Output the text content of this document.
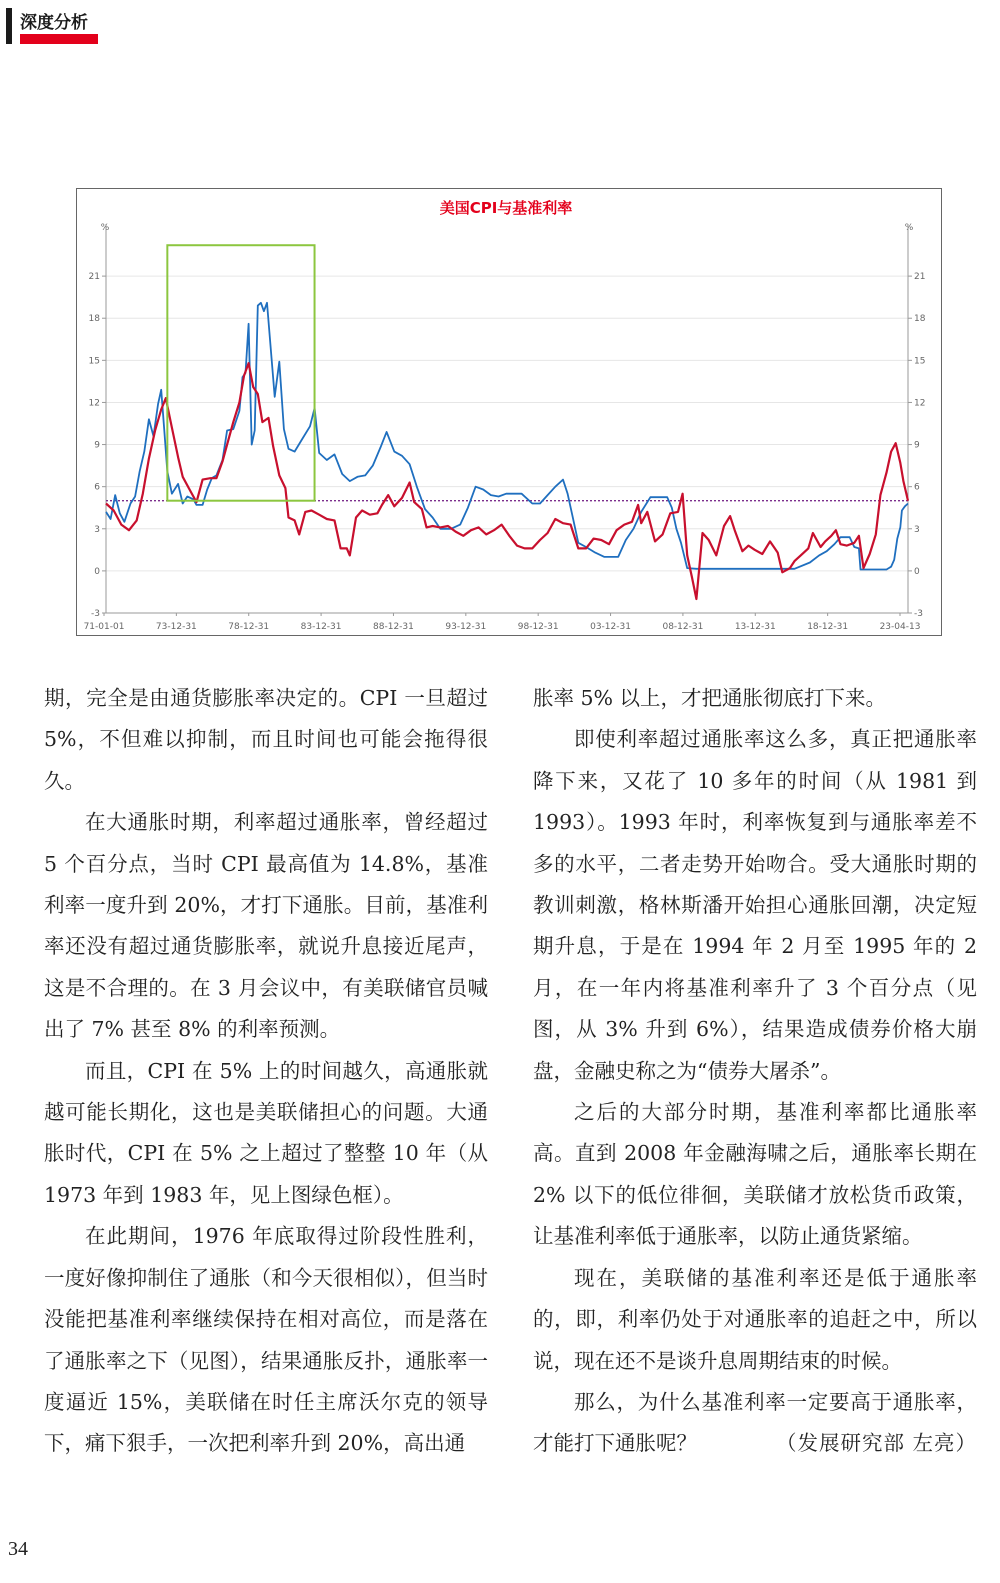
深度分析
美国CPI与基准利率
%	%
-3	-3
0	0
3	3
6	6
9	9
12	12
15	15
18	18
21	21
71-01-01	73-12-31	78-12-31	83-12-31	88-12-31	93-12-31	98-12-31	03-12-31	08-12-31	13-12-31	18-12-31	23-04-13

期，完全是由通货膨胀率决定的。CPI 一旦超过 5%，不但难以抑制，而且时间也可能会拖得很久。

在大通胀时期，利率超过通胀率，曾经超过 5 个百分点，当时 CPI 最高值为 14.8%，基准利率一度升到 20%，才打下通胀。目前，基准利率还没有超过通货膨胀率，就说升息接近尾声，这是不合理的。在 3 月会议中，有美联储官员喊出了 7% 甚至 8% 的利率预测。

而且，CPI 在 5% 上的时间越久，高通胀就越可能长期化，这也是美联储担心的问题。大通胀时代，CPI 在 5% 之上超过了整整 10 年（从 1973 年到 1983 年，见上图绿色框）。

在此期间，1976 年底取得过阶段性胜利，一度好像抑制住了通胀（和今天很相似），但当时没能把基准利率继续保持在相对高位，而是落在了通胀率之下（见图），结果通胀反扑，通胀率一度逼近 15%，美联储在时任主席沃尔克的领导下，痛下狠手，一次把利率升到 20%，高出通

胀率 5% 以上，才把通胀彻底打下来。

即使利率超过通胀率这么多，真正把通胀率降下来，又花了 10 多年的时间（从 1981 到 1993）。1993 年时，利率恢复到与通胀率差不多的水平，二者走势开始吻合。受大通胀时期的教训刺激，格林斯潘开始担心通胀回潮，决定短期升息，于是在 1994 年 2 月至 1995 年的 2 月，在一年内将基准利率升了 3 个百分点（见图，从 3% 升到 6%），结果造成债券价格大崩盘，金融史称之为“债券大屠杀”。

之后的大部分时期，基准利率都比通胀率高。直到 2008 年金融海啸之后，通胀率长期在 2% 以下的低位徘徊，美联储才放松货币政策，让基准利率低于通胀率，以防止通货紧缩。

现在，美联储的基准利率还是低于通胀率的，即，利率仍处于对通胀率的追赶之中，所以说，现在还不是谈升息周期结束的时候。

那么，为什么基准利率一定要高于通胀率，才能打下通胀呢？	（发展研究部 左亮）

34
